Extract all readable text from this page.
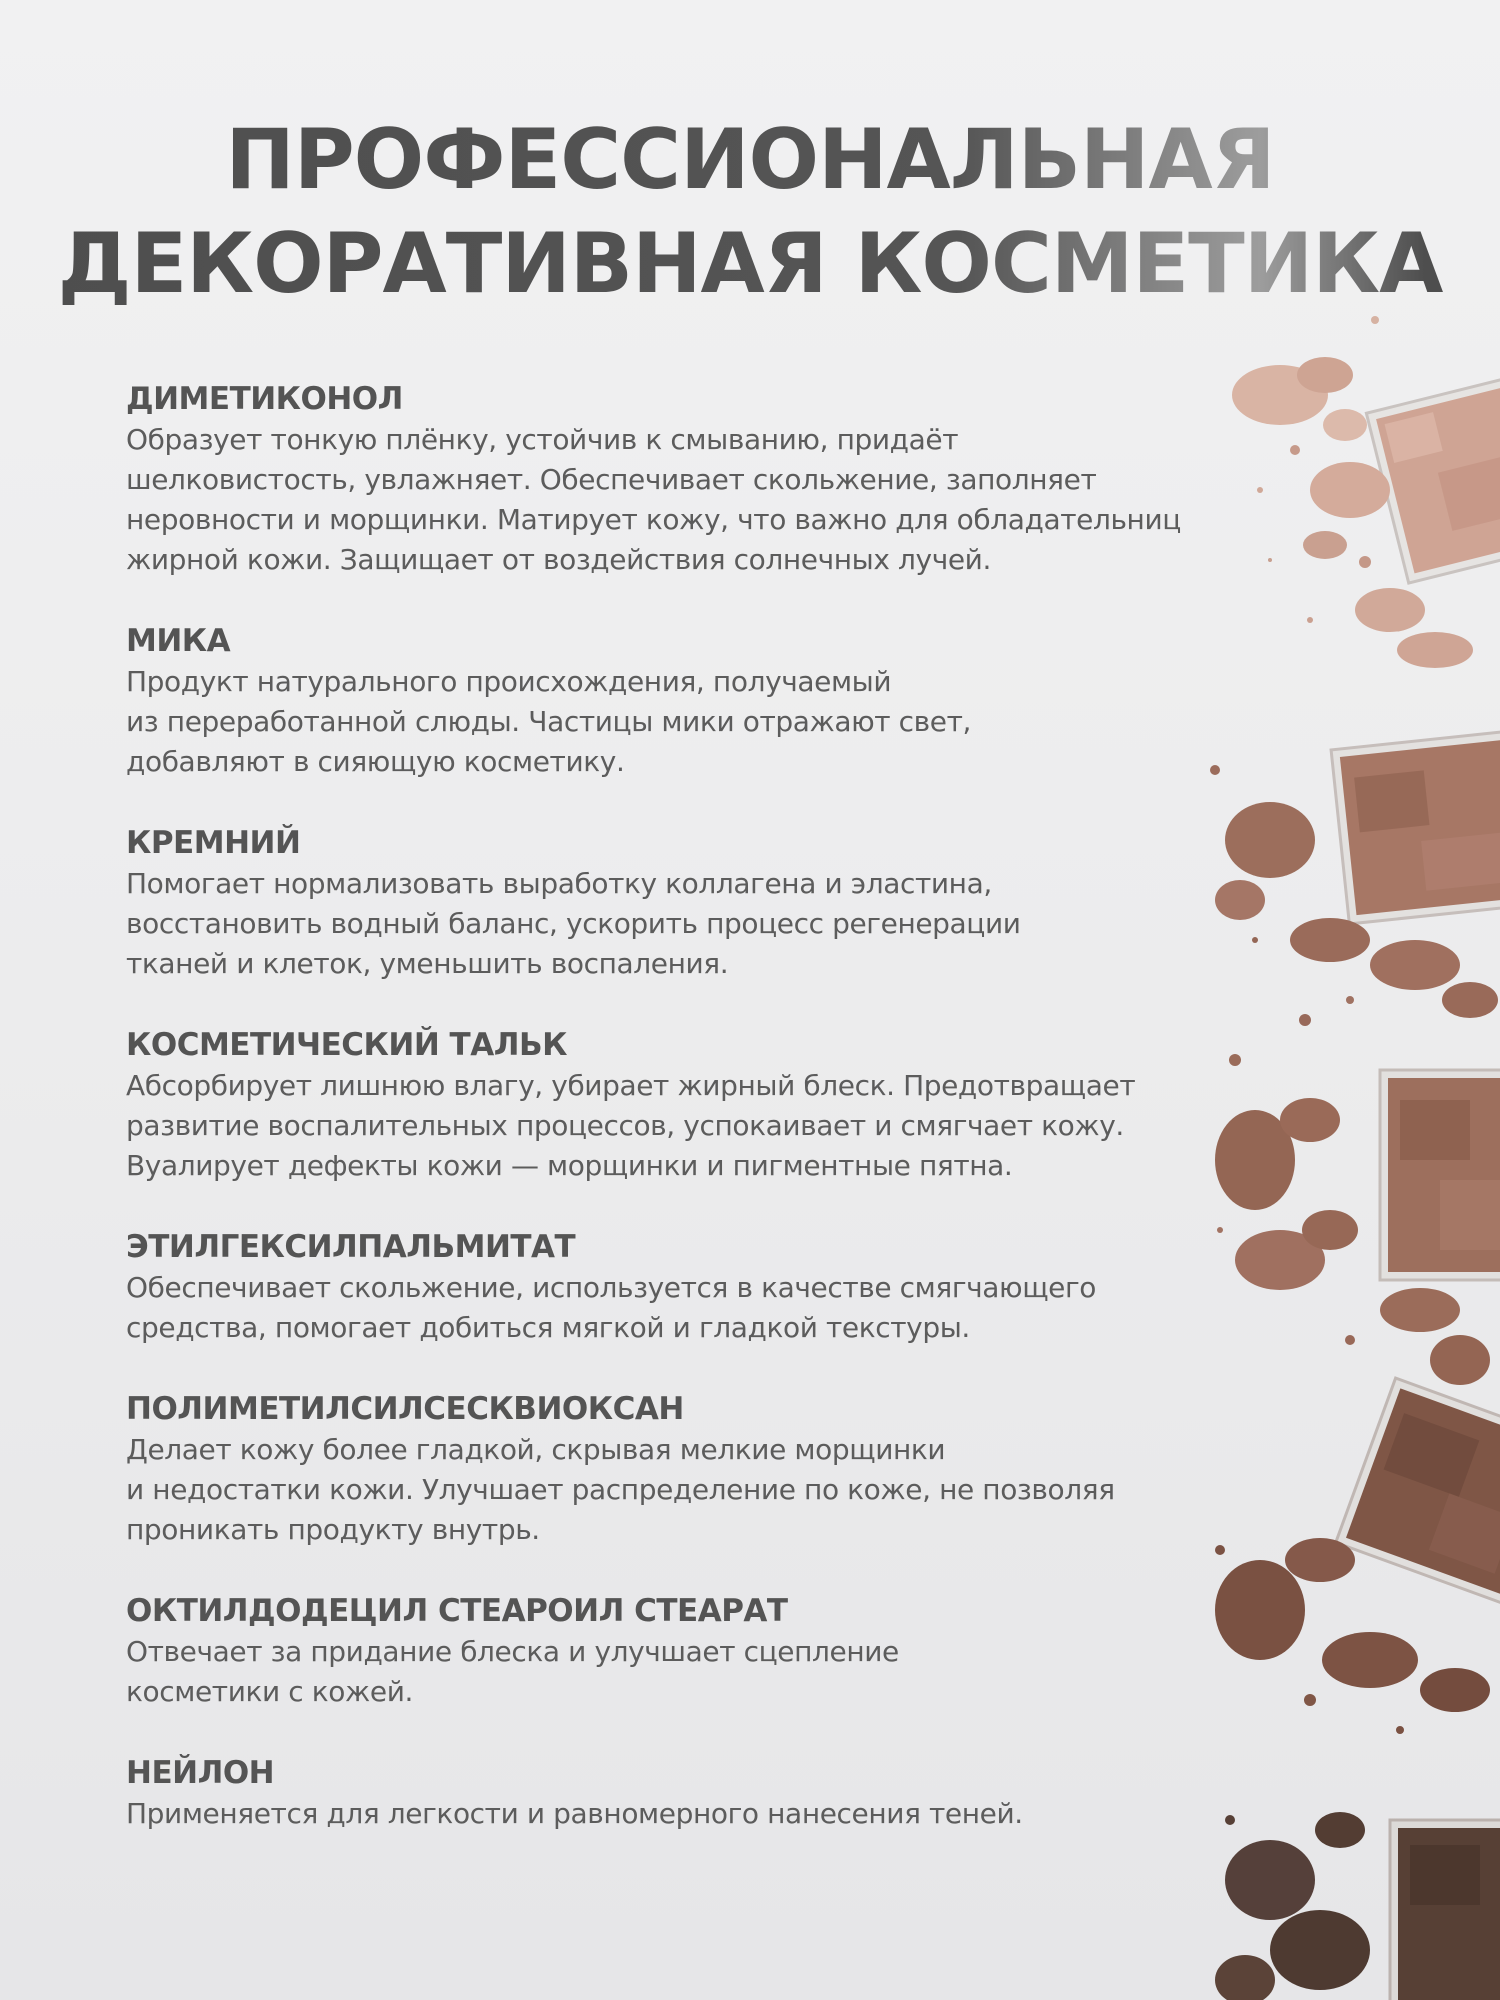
ПРОФЕССИОНАЛЬНАЯ
ДЕКОРАТИВНАЯ КОСМЕТИКА
ДИМЕТИКОНОЛ
Образует тонкую плёнку, устойчив к смыванию, придаёт
шелковистость, увлажняет. Обеспечивает скольжение, заполняет
неровности и морщинки. Матирует кожу, что важно для обладательниц
жирной кожи. Защищает от воздействия солнечных лучей.
МИКА
Продукт натурального происхождения, получаемый
из переработанной слюды. Частицы мики отражают свет,
добавляют в сияющую косметику.
КРЕМНИЙ
Помогает нормализовать выработку коллагена и эластина,
восстановить водный баланс, ускорить процесс регенерации
тканей и клеток, уменьшить воспаления.
КОСМЕТИЧЕСКИЙ ТАЛЬК
Абсорбирует лишнюю влагу, убирает жирный блеск. Предотвращает
развитие воспалительных процессов, успокаивает и смягчает кожу.
Вуалирует дефекты кожи — морщинки и пигментные пятна.
ЭТИЛГЕКСИЛПАЛЬМИТАТ
Обеспечивает скольжение, используется в качестве смягчающего
средства, помогает добиться мягкой и гладкой текстуры.
ПОЛИМЕТИЛСИЛСЕСКВИОКСАН
Делает кожу более гладкой, скрывая мелкие морщинки
и недостатки кожи. Улучшает распределение по коже, не позволяя
проникать продукту внутрь.
ОКТИЛДОДЕЦИЛ СТЕАРОИЛ СТЕАРАТ
Отвечает за придание блеска и улучшает сцепление
косметики с кожей.
НЕЙЛОН
Применяется для легкости и равномерного нанесения теней.
